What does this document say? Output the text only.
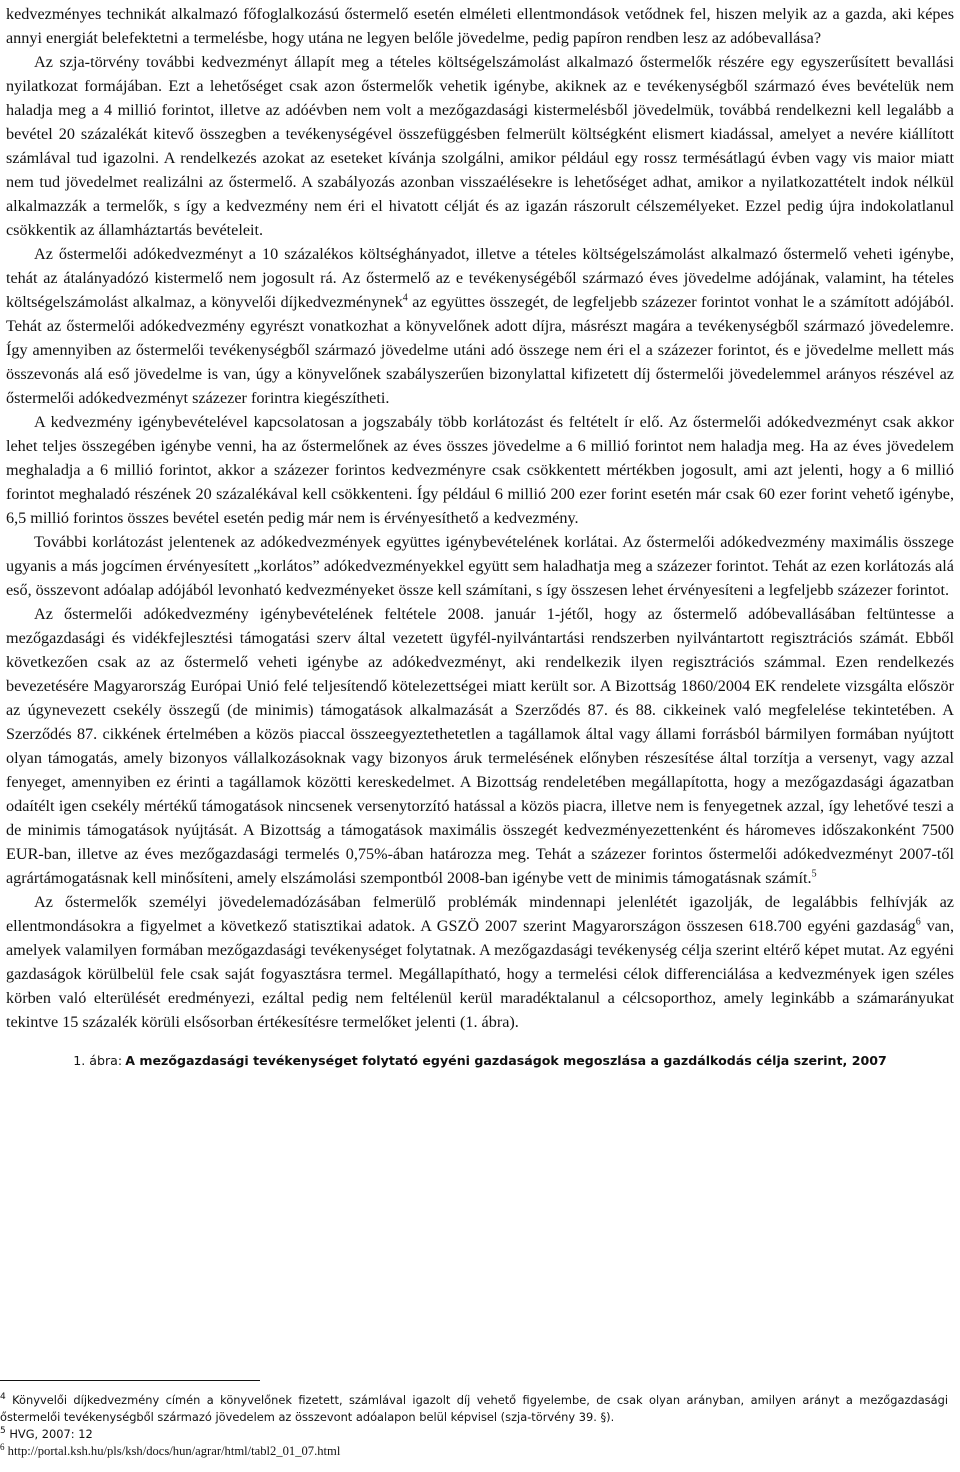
kedvezményes technikát alkalmazó főfoglalkozású őstermelő esetén elméleti ellentmondások vetődnek fel, hiszen melyik az a gazda, aki képes annyi energiát belefektetni a termelésbe, hogy utána ne legyen belőle jövedelme, pedig papíron rendben lesz az adóbevallása?

Az szja-törvény további kedvezményt állapít meg a tételes költségelszámolást alkalmazó őstermelők részére egy egyszerűsített bevallási nyilatkozat formájában. Ezt a lehetőséget csak azon őstermelők vehetik igénybe, akiknek az e tevékenységből származó éves bevételük nem haladja meg a 4 millió forintot, illetve az adóévben nem volt a mezőgazdasági kistermelésből jövedelmük, továbbá rendelkezni kell legalább a bevétel 20 százalékát kitevő összegben a tevékenységével összefüggésben felmerült költségként elismert kiadással, amelyet a nevére kiállított számlával tud igazolni. A rendelkezés azokat az eseteket kívánja szolgálni, amikor például egy rossz termésátlagú évben vagy vis maior miatt nem tud jövedelmet realizálni az őstermelő. A szabályozás azonban visszaélésekre is lehetőséget adhat, amikor a nyilatkozattételt indok nélkül alkalmazzák a termelők, s így a kedvezmény nem éri el hivatott célját és az igazán rászorult célszemélyeket. Ezzel pedig újra indokolatlanul csökkentik az államháztartás bevételeit.

Az őstermelői adókedvezményt a 10 százalékos költséghányadot, illetve a tételes költségelszámolást alkalmazó őstermelő veheti igénybe, tehát az átalányadózó kistermelő nem jogosult rá. Az őstermelő az e tevékenységéből származó éves jövedelme adójának, valamint, ha tételes költségelszámolást alkalmaz, a könyvelői díjkedvezménynek$^4$ az együttes összegét, de legfeljebb százezer forintot vonhat le a számított adójából. Tehát az őstermelői adókedvezmény egyrészt vonatkozhat a könyvelőnek adott díjra, másrészt magára a tevékenységből származó jövedelemre. Így amennyiben az őstermelői tevékenységből származó jövedelme utáni adó összege nem éri el a százezer forintot, és e jövedelme mellett más összevonás alá eső jövedelme is van, úgy a könyvelőnek szabályszerűen bizonylattal kifizetett díj őstermelői jövedelemmel arányos részével az őstermelői adókedvezményt százezer forintra kiegészítheti.

A kedvezmény igénybevételével kapcsolatosan a jogszabály több korlátozást és feltételt ír elő. Az őstermelői adókedvezményt csak akkor lehet teljes összegében igénybe venni, ha az őstermelőnek az éves összes jövedelme a 6 millió forintot nem haladja meg. Ha az éves jövedelem meghaladja a 6 millió forintot, akkor a százezer forintos kedvezményre csak csökkentett mértékben jogosult, ami azt jelenti, hogy a 6 millió forintot meghaladó részének 20 százalékával kell csökkenteni. Így például 6 millió 200 ezer forint esetén már csak 60 ezer forint vehető igénybe, 6,5 millió forintos összes bevétel esetén pedig már nem is érvényesíthető a kedvezmény.

További korlátozást jelentenek az adókedvezmények együttes igénybevételének korlátai. Az őstermelői adókedvezmény maximális összege ugyanis a más jogcímen érvényesített „korlátos” adókedvezményekkel együtt sem haladhatja meg a százezer forintot. Tehát az ezen korlátozás alá eső, összevont adóalap adójából levonható kedvezményeket össze kell számítani, s így összesen lehet érvényesíteni a legfeljebb százezer forintot.

Az őstermelői adókedvezmény igénybevételének feltétele 2008. január 1-jétől, hogy az őstermelő adóbevallásában feltüntesse a mezőgazdasági és vidékfejlesztési támogatási szerv által vezetett ügyfél-nyilvántartási rendszerben nyilvántartott regisztrációs számát. Ebből következően csak az az őstermelő veheti igénybe az adókedvezményt, aki rendelkezik ilyen regisztrációs számmal. Ezen rendelkezés bevezetésére Magyarország Európai Unió felé teljesítendő kötelezettségei miatt került sor. A Bizottság 1860/2004 EK rendelete vizsgálta először az úgynevezett csekély összegű (de minimis) támogatások alkalmazását a Szerződés 87. és 88. cikkeinek való megfelelése tekintetében. A Szerződés 87. cikkének értelmében a közös piaccal összeegyeztethetetlen a tagállamok által vagy állami forrásból bármilyen formában nyújtott olyan támogatás, amely bizonyos vállalkozásoknak vagy bizonyos áruk termelésének előnyben részesítése által torzítja a versenyt, vagy azzal fenyeget, amennyiben ez érinti a tagállamok közötti kereskedelmet. A Bizottság rendeletében megállapította, hogy a mezőgazdasági ágazatban odaítélt igen csekély mértékű támogatások nincsenek versenytorzító hatással a közös piacra, illetve nem is fenyegetnek azzal, így lehetővé teszi a de minimis támogatások nyújtását. A Bizottság a támogatások maximális összegét kedvezményezettenként és háromeves időszakonként 7500 EUR-ban, illetve az éves mezőgazdasági termelés 0,75%-ában határozza meg. Tehát a százezer forintos őstermelői adókedvezményt 2007-től agrártámogatásnak kell minősíteni, amely elszámolási szempontból 2008-ban igénybe vett de minimis támogatásnak számít.$^5$

Az őstermelők személyi jövedelemadózásában felmerülő problémák mindennapi jelenlétét igazolják, de legalábbis felhívják az ellentmondásokra a figyelmet a következő statisztikai adatok. A GSZÖ 2007 szerint Magyarországon összesen 618.700 egyéni gazdaság$^6$ van, amelyek valamilyen formában mezőgazdasági tevékenységet folytatnak. A mezőgazdasági tevékenység célja szerint eltérő képet mutat. Az egyéni gazdaságok körülbelül fele csak saját fogyasztásra termel. Megállapítható, hogy a termelési célok differenciálása a kedvezmények igen széles körben való elterülését eredményezi, ezáltal pedig nem feltélenül kerül maradéktalanul a célcsoporthoz, amely leginkább a számarányukat tekintve 15 százalék körüli elsősorban értékesítésre termelőket jelenti (1. ábra).

1. ábra: A mezőgazdasági tevékenységet folytató egyéni gazdaságok megoszlása a gazdálkodás célja szerint, 2007

$^4$ Könyvelői díjkedvezmény címén a könyvelőnek fizetett, számlával igazolt díj vehető figyelembe, de csak olyan arányban, amilyen arányt a mezőgazdasági őstermelői tevékenységből származó jövedelem az összevont adóalapon belül képvisel (szja-törvény 39. §).

$^5$ HVG, 2007: 12

$^6$ http://portal.ksh.hu/pls/ksh/docs/hun/agrar/html/tabl2_01_07.html
